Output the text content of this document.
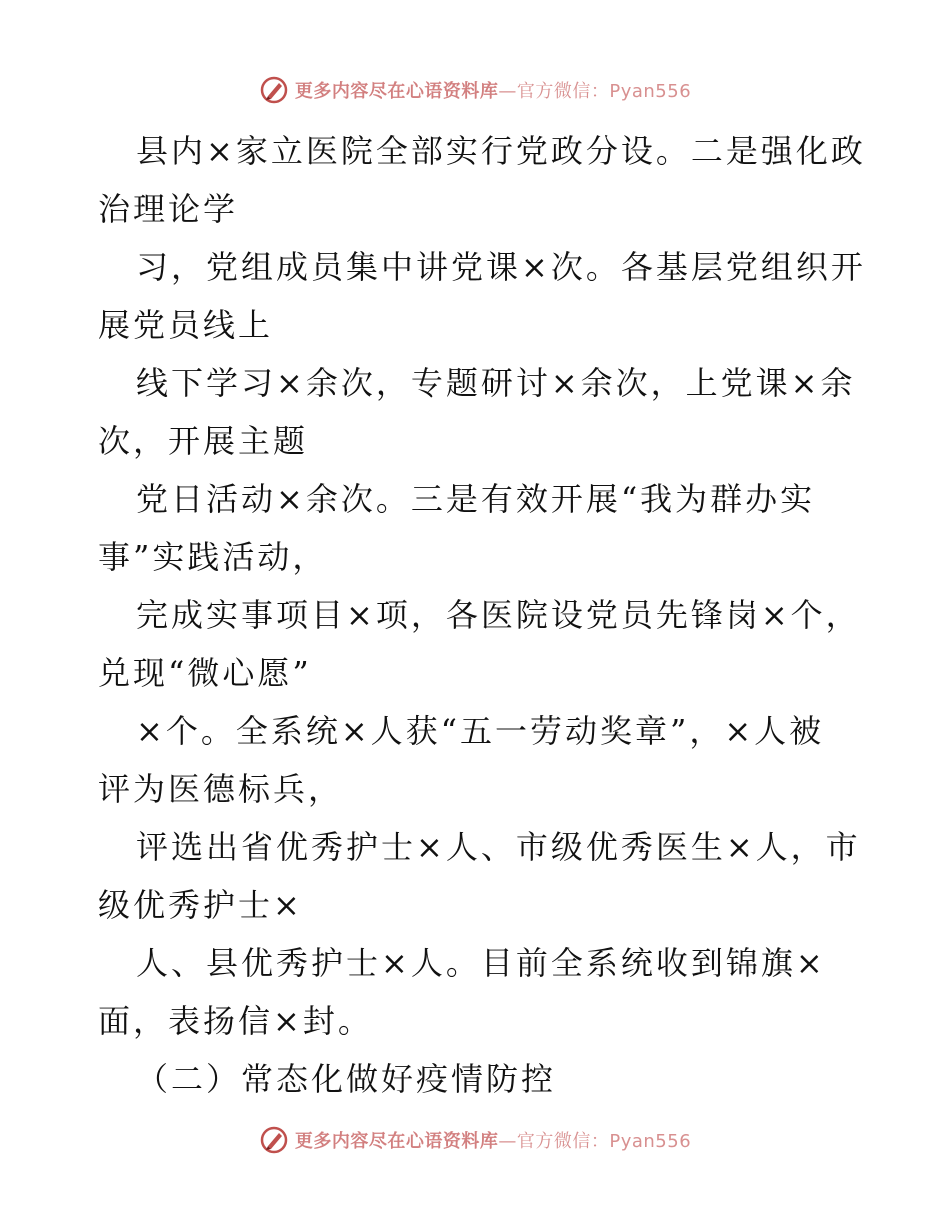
更多内容尽在心语资料库—官方微信：Pyan556
县内×家立医院全部实行党政分设。二是强化政
治理论学
习，党组成员集中讲党课×次。各基层党组织开
展党员线上
线下学习×余次，专题研讨×余次，上党课×余
次，开展主题
党日活动×余次。三是有效开展“我为群办实
事”实践活动，
完成实事项目×项，各医院设党员先锋岗×个，
兑现“微心愿”
×个。全系统×人获“五一劳动奖章”，×人被
评为医德标兵，
评选出省优秀护士×人、市级优秀医生×人，市
级优秀护士×
人、县优秀护士×人。目前全系统收到锦旗×
面，表扬信×封。
（二）常态化做好疫情防控
更多内容尽在心语资料库—官方微信：Pyan556
